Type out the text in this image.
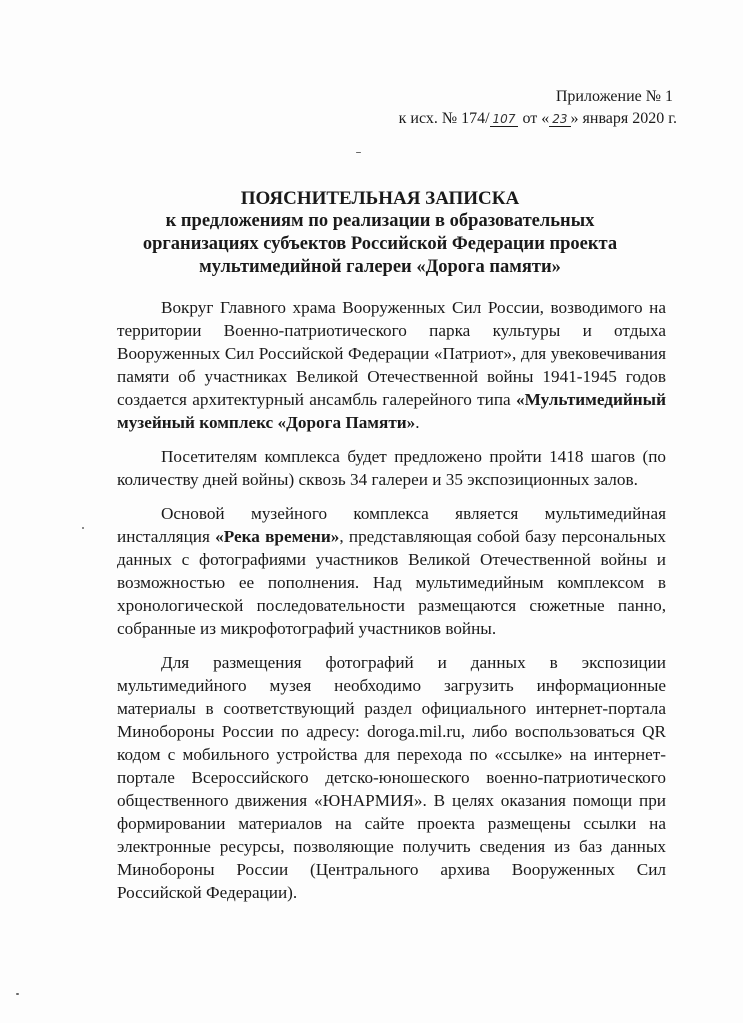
Приложение № 1
к исх. № 174/ 107 от « 23 » января 2020 г.
ПОЯСНИТЕЛЬНАЯ ЗАПИСКА
к предложениям по реализации в образовательных
организациях субъектов Российской Федерации проекта
мультимедийной галереи «Дорога памяти»

Вокруг Главного храма Вооруженных Сил России, возводимого на территории Военно-патриотического парка культуры и отдыха Вооруженных Сил Российской Федерации «Патриот», для увековечивания памяти об участниках Великой Отечественной войны 1941-1945 годов создается архитектурный ансамбль галерейного типа «Мультимедийный музейный комплекс «Дорога Памяти».

Посетителям комплекса будет предложено пройти 1418 шагов (по количеству дней войны) сквозь 34 галереи и 35 экспозиционных залов.

Основой музейного комплекса является мультимедийная инсталляция «Река времени», представляющая собой базу персональных данных с фотографиями участников Великой Отечественной войны и возможностью ее пополнения. Над мультимедийным комплексом в хронологической последовательности размещаются сюжетные панно, собранные из микрофотографий участников войны.

Для размещения фотографий и данных в экспозиции мультимедийного музея необходимо загрузить информационные материалы в соответствующий раздел официального интернет-портала Минобороны России по адресу: doroga.mil.ru, либо воспользоваться QR кодом с мобильного устройства для перехода по «ссылке» на интернет-портале Всероссийского детско-юношеского военно-патриотического общественного движения «ЮНАРМИЯ». В целях оказания помощи при формировании материалов на сайте проекта размещены ссылки на электронные ресурсы, позволяющие получить сведения из баз данных Минобороны России (Центрального архива Вооруженных Сил Российской Федерации).
